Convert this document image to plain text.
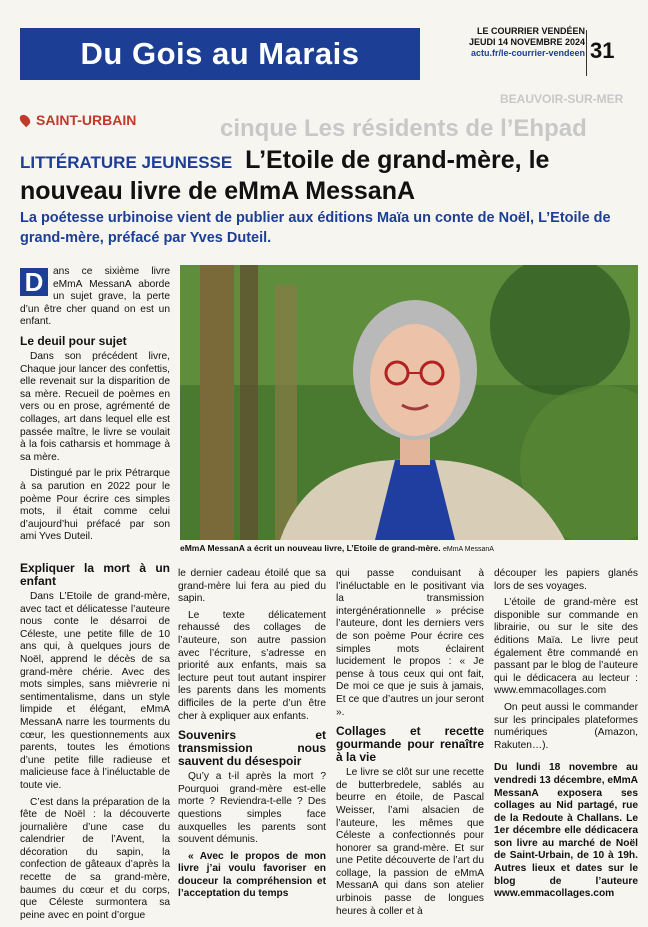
BEAUVOIR-SUR-MER
cinque Les résidents de l’Ehpad
Du Gois au Marais
LE COURRIER VENDÉEN
JEUDI 14 NOVEMBRE 2024
actu.fr/le-courrier-vendeen 31
SAINT-URBAIN
LITTÉRATURE JEUNESSE L’Etoile de grand-mère, le nouveau livre de eMmA MessanA
La poétesse urbinoise vient de publier aux éditions Maïa un conte de Noël, L’Etoile de grand-mère, préfacé par Yves Duteil.
eMmA MessanA a écrit un nouveau livre, L’Etoile de grand-mère. eMmA MessanA

D ans ce sixième livre eMmA MessanA aborde un sujet grave, la perte d’un être cher quand on est un enfant.

Le deuil pour sujet

Dans son précédent livre, Chaque jour lancer des confettis, elle revenait sur la disparition de sa mère. Recueil de poèmes en vers ou en prose, agrémenté de collages, art dans lequel elle est passée maître, le livre se voulait à la fois catharsis et hommage à sa mère.

Distingué par le prix Pétrarque à sa parution en 2022 pour le poème Pour écrire ces simples mots, il était comme celui d’aujourd’hui préfacé par son ami Yves Duteil.

Expliquer la mort à un enfant

Dans L’Etoile de grand-mère, avec tact et délicatesse l’auteure nous conte le désarroi de Céleste, une petite fille de 10 ans qui, à quelques jours de Noël, apprend le décès de sa grand-mère chérie. Avec des mots simples, sans mièvrerie ni sentimentalisme, dans un style limpide et élégant, eMmA MessanA narre les tourments du cœur, les questionnements aux parents, toutes les émotions d’une petite fille radieuse et malicieuse face à l’inéluctable de toute vie.

C’est dans la préparation de la fête de Noël : la découverte journalière d’une case du calendrier de l’Avent, la décoration du sapin, la confection de gâteaux d’après la recette de sa grand-mère, baumes du cœur et du corps, que Céleste surmontera sa peine avec en point d’orgue

le dernier cadeau étoilé que sa grand-mère lui fera au pied du sapin.

Le texte délicatement rehaussé des collages de l’auteure, son autre passion avec l’écriture, s’adresse en priorité aux enfants, mais sa lecture peut tout autant inspirer les parents dans les moments difficiles de la perte d’un être cher à expliquer aux enfants.

Souvenirs et transmission nous sauvent du désespoir

Qu’y a t-il après la mort ? Pourquoi grand-mère est-elle morte ? Reviendra-t-elle ? Des questions simples face auxquelles les parents sont souvent démunis.

« Avec le propos de mon livre j’ai voulu favoriser en douceur la compréhension et l’acceptation du temps

qui passe conduisant à l’inéluctable en le positivant via la transmission intergénérationnelle » précise l’auteure, dont les derniers vers de son poème Pour écrire ces simples mots éclairent lucidement le propos : « Je pense à tous ceux qui ont fait, De moi ce que je suis à jamais, Et ce que d’autres un jour seront ».

Collages et recette gourmande pour renaître à la vie

Le livre se clôt sur une recette de butterbredele, sablés au beurre en étoile, de Pascal Weisser, l’ami alsacien de l’auteure, les mêmes que Céleste a confectionnés pour honorer sa grand-mère. Et sur une Petite découverte de l’art du collage, la passion de eMmA MessanA qui dans son atelier urbinois passe de longues heures à coller et à

découper les papiers glanés lors de ses voyages.

L’étoile de grand-mère est disponible sur commande en librairie, ou sur le site des éditions Maïa. Le livre peut également être commandé en passant par le blog de l’auteure qui le dédicacera au lecteur : www.emmacollages.com

On peut aussi le commander sur les principales plateformes numériques (Amazon, Rakuten…).

Du lundi 18 novembre au vendredi 13 décembre, eMmA MessanA exposera ses collages au Nid partagé, rue de la Redoute à Challans. Le 1er décembre elle dédicacera son livre au marché de Noël de Saint-Urbain, de 10 à 19h. Autres lieux et dates sur le blog de l’auteure www.emmacollages.com
